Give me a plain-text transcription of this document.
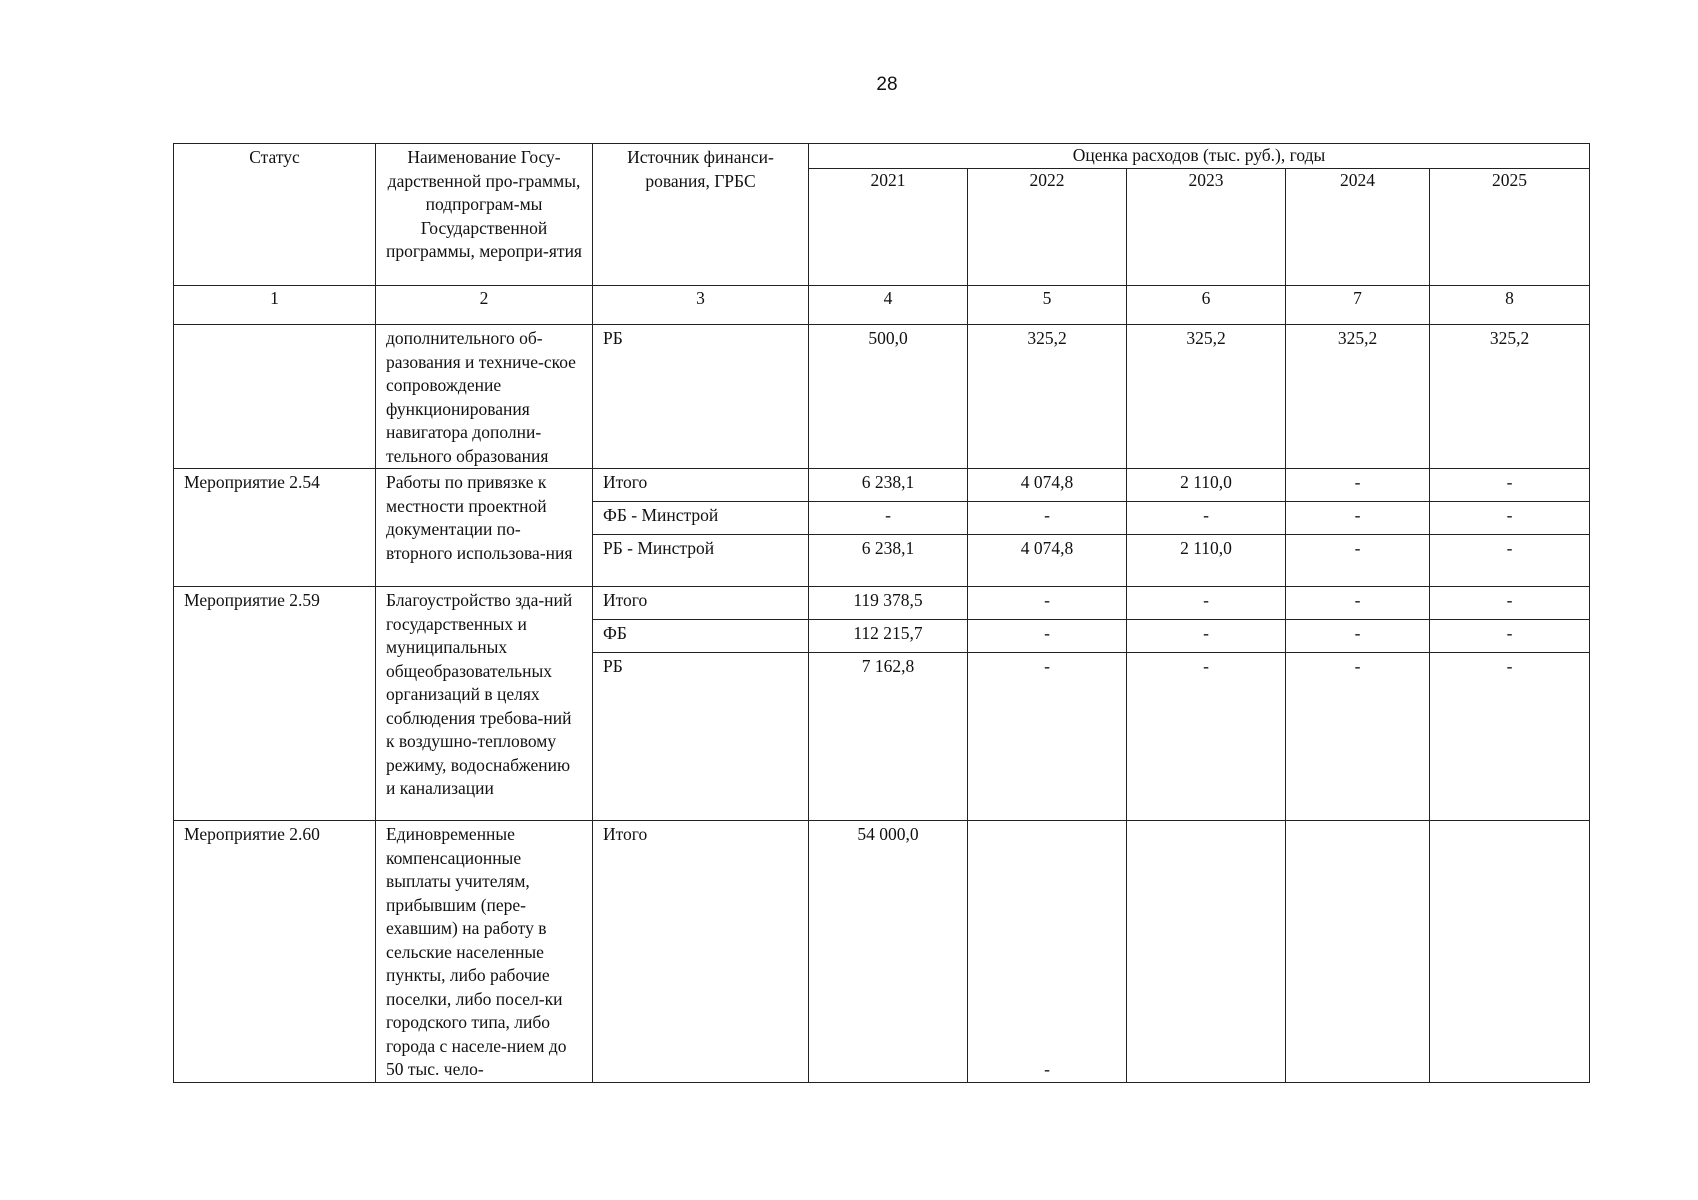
28
Статус	Наименование Госу-дарственной про-граммы, подпрограм-мы Государственной программы, меропри-ятия	Источник финанси-рования, ГРБС	Оценка расходов (тыс. руб.), годы				
			2021	2022	2023	2024	2025
1	2	3	4	5	6	7	8
	дополнительного об-разования и техниче-ское сопровождение функционирования навигатора дополни-тельного образования	РБ	500,0	325,2	325,2	325,2	325,2
Мероприятие 2.54	Работы по привязке к местности проектной документации по-вторного использова-ния	Итого	6 238,1	4 074,8	2 110,0	-	-
		ФБ - Минстрой	-	-	-	-	-
		РБ - Минстрой	6 238,1	4 074,8	2 110,0	-	-
Мероприятие 2.59	Благоустройство зда-ний государственных и муниципальных общеобразовательных организаций в целях соблюдения требова-ний к воздушно-тепловому режиму, водоснабжению и канализации	Итого	119 378,5	-	-	-	-
		ФБ	112 215,7	-	-	-	-
		РБ	7 162,8	-	-	-	-
Мероприятие 2.60	Единовременные компенсационные выплаты учителям, прибывшим (пере-ехавшим) на работу в сельские населенные пункты, либо рабочие поселки, либо посел-ки городского типа, либо города с населе-нием до 50 тыс. чело-	Итого	54 000,0	-			
